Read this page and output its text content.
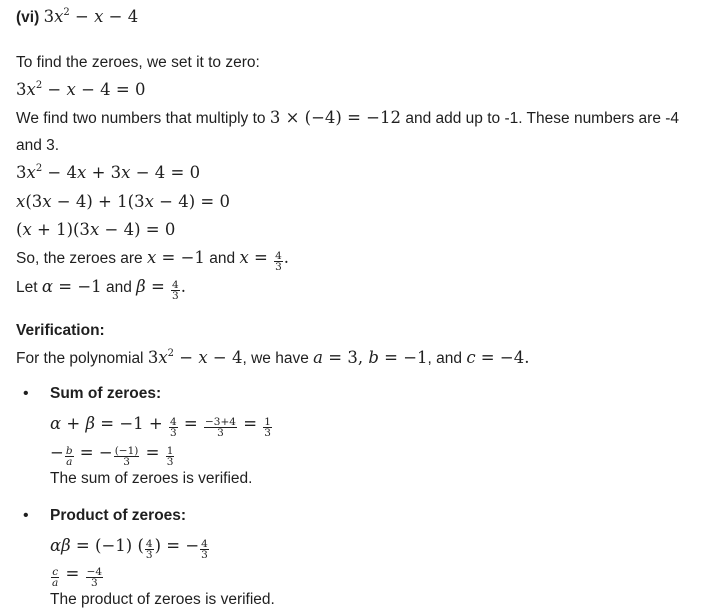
(vi) $3x^2 - x - 4$
To find the zeroes, we set it to zero:
$3x^2 - x - 4 = 0$
We find two numbers that multiply to 3 × (−4) = −12 and add up to -1. These numbers are -4
and 3.
$3x^2 - 4x + 3x - 4 = 0$
x(3x − 4) + 1(3x − 4) = 0
(x + 1)(3x − 4) = 0
So, the zeroes are x = −1 and $x = \frac{4}{3}$ .
Let α = −1 and $\beta = \frac{4}{3}$ .
Verification:
For the polynomial $3x^2 - x - 4$, we have a = 3, b = −1, and c = −4.
• Sum of zeroes:
$\alpha + \beta = -1 + \frac{4}{3} = \frac{-3+4}{3} = \frac{1}{3}$
− $\frac{b}{a}$ = − $\frac{(-1)}{3} = \frac{1}{3}$
The sum of zeroes is verified.
• Product of zeroes:
αβ = (−1) ( $\frac{4}{3}$ ) = − $\frac{4}{3}$
$\frac{c}{a} = \frac{-4}{3}$
The product of zeroes is verified.
